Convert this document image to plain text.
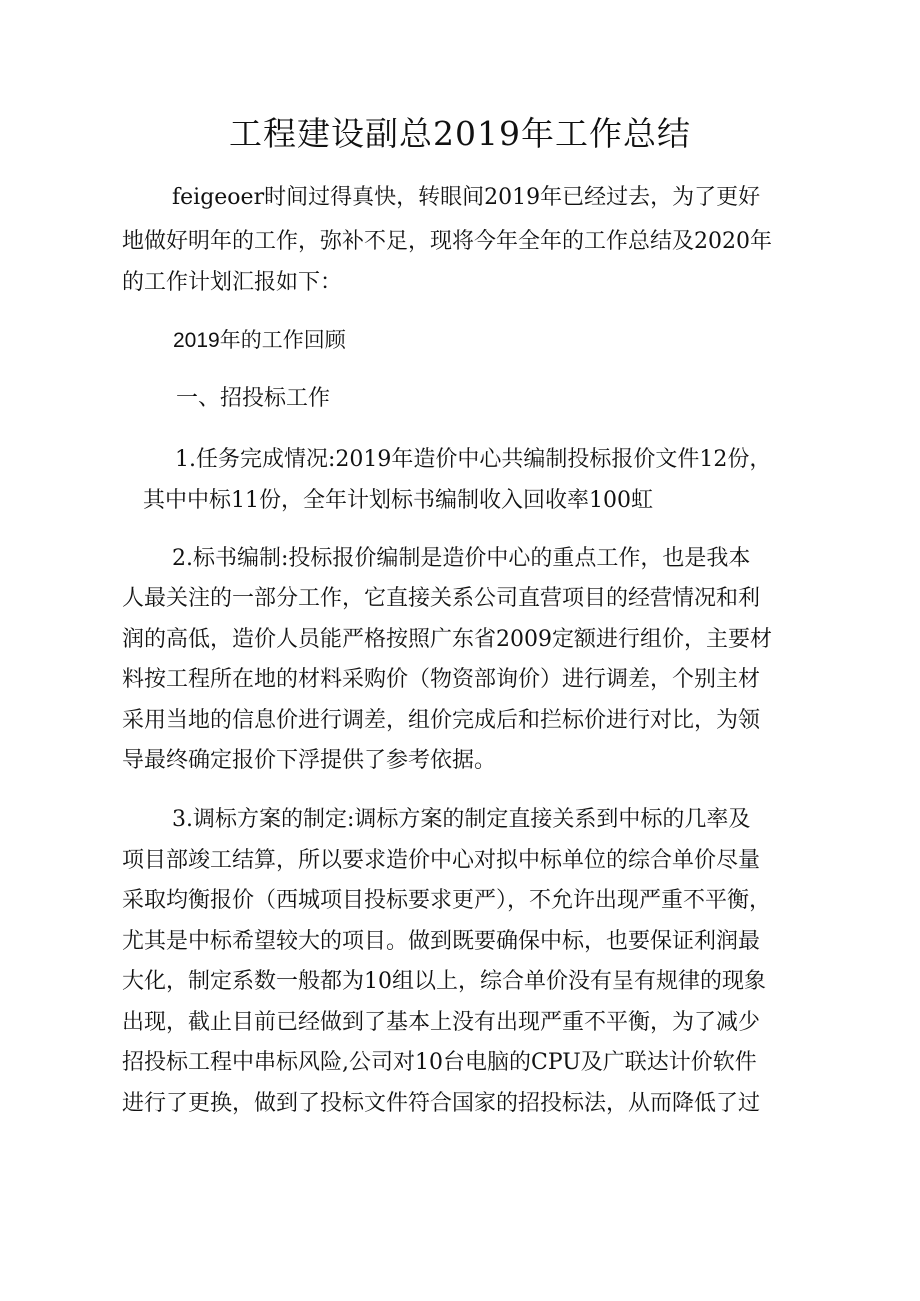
工程建设副总2019年工作总结
feigeoer时间过得真快，转眼间2019年已经过去，为了更好
地做好明年的工作，弥补不足，现将今年全年的工作总结及2020年
的工作计划汇报如下：
2019年的工作回顾
一、招投标工作
1.任务完成情况:2019年造价中心共编制投标报价文件12份，
其中中标11份，全年计划标书编制收入回收率100虹
2.标书编制:投标报价编制是造价中心的重点工作，也是我本
人最关注的一部分工作，它直接关系公司直营项目的经营情况和利
润的高低，造价人员能严格按照广东省2009定额进行组价，主要材
料按工程所在地的材料采购价（物资部询价）进行调差，个别主材
采用当地的信息价进行调差，组价完成后和拦标价进行对比，为领
导最终确定报价下浮提供了参考依据。
3.调标方案的制定:调标方案的制定直接关系到中标的几率及
项目部竣工结算，所以要求造价中心对拟中标单位的综合单价尽量
采取均衡报价（西城项目投标要求更严），不允许出现严重不平衡，
尤其是中标希望较大的项目。做到既要确保中标，也要保证利润最
大化，制定系数一般都为10组以上，综合单价没有呈有规律的现象
出现，截止目前已经做到了基本上没有出现严重不平衡，为了减少
招投标工程中串标风险,公司对10台电脑的CPU及广联达计价软件
进行了更换，做到了投标文件符合国家的招投标法，从而降低了过
